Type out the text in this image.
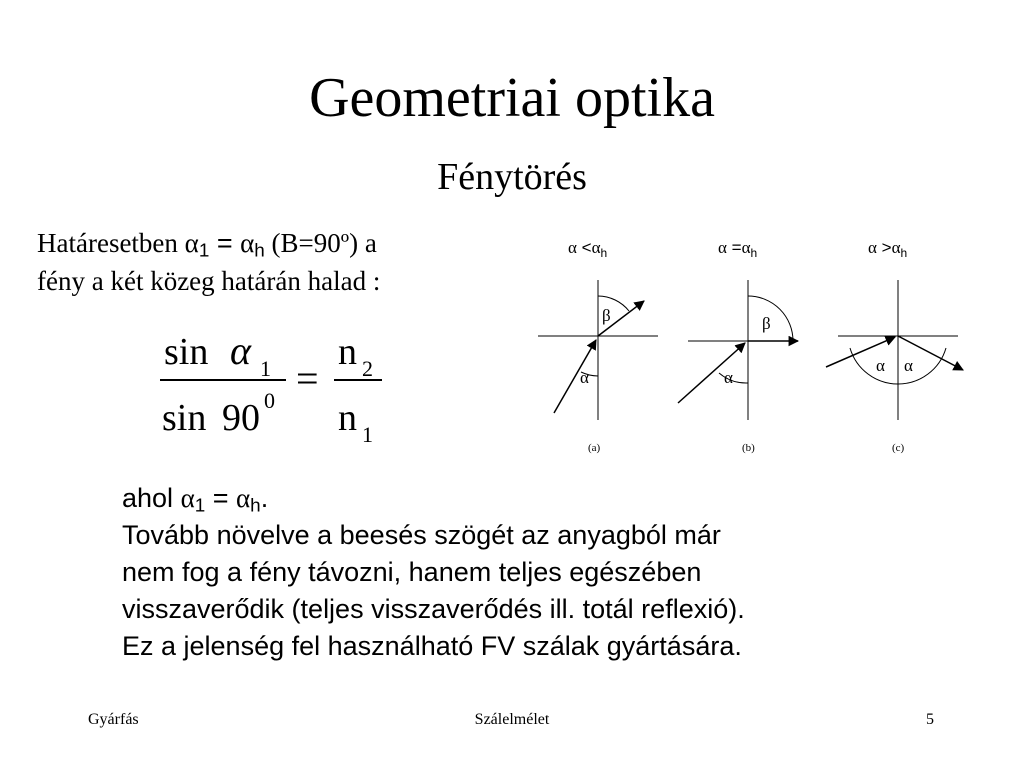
Geometriai optika
Fénytörés
Határesetben $\alpha_1 = \alpha_h$ (B=90º) a
fény a két közeg határán halad :
sin α 1
sin 90 0 =
n 2
n 1
$\alpha <\alpha_h$
β
α
(a)
$\alpha =\alpha_h$
β
α
(b)
$\alpha >\alpha_h$
α α
(c)
ahol $\alpha_1 = \alpha_h$.
Tovább növelve a beesés szögét az anyagból már
nem fog a fény távozni, hanem teljes egészében
visszaverődik (teljes visszaverődés ill. totál reflexió).
Ez a jelenség fel használható FV szálak gyártására.
Gyárfás	Szálelmélet	5
